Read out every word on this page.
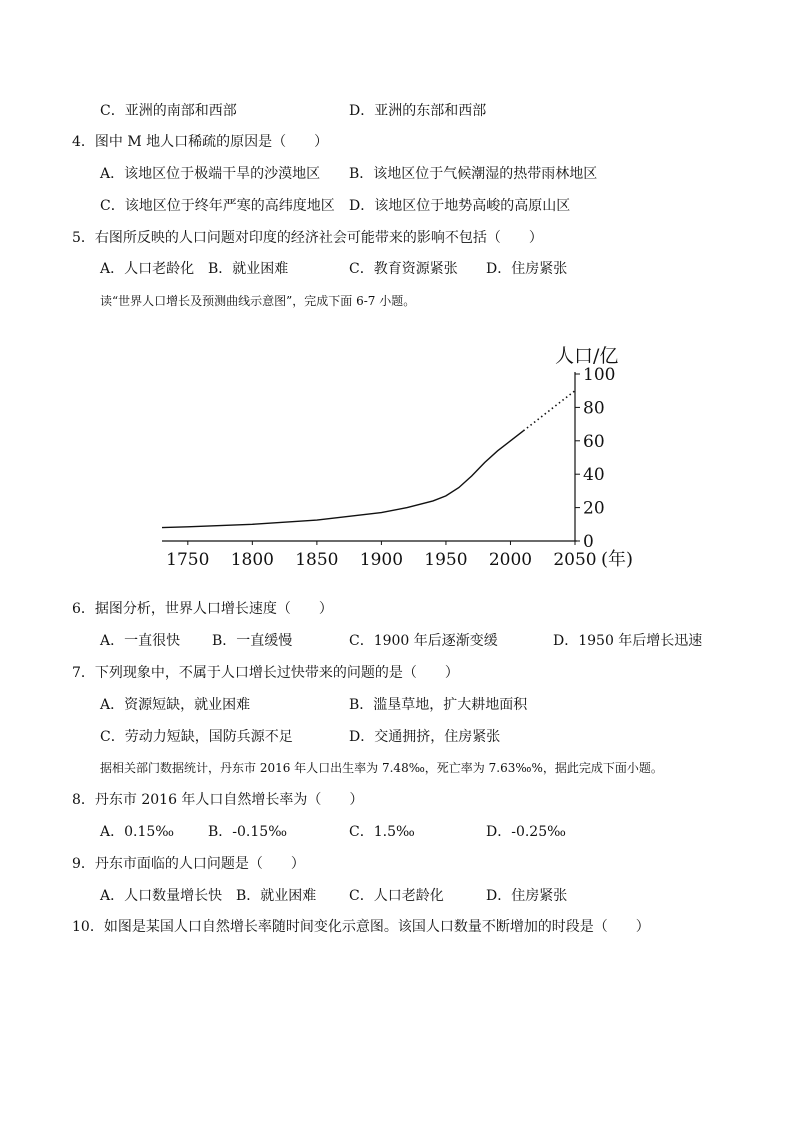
C．亚洲的南部和西部	D．亚洲的东部和西部
4．图中 M 地人口稀疏的原因是（　　）
A．该地区位于极端干旱的沙漠地区 B．该地区位于气候潮湿的热带雨林地区
C．该地区位于终年严寒的高纬度地区 D．该地区位于地势高峻的高原山区
5．右图所反映的人口问题对印度的经济社会可能带来的影响不包括（　　）
A．人口老龄化 B．就业困难	C．教育资源紧张 D．住房紧张
读“世界人口增长及预测曲线示意图”，完成下面 6-7 小题。
0
20
40
60
80
100
1750 1800 1850 1900 1950 2000 2050
人口/亿
(年)
6．据图分析，世界人口增长速度（　　）
A．一直很快 B．一直缓慢	C．1900 年后逐渐变缓	D．1950 年后增长迅速
7．下列现象中，不属于人口增长过快带来的问题的是（　　）
A．资源短缺，就业困难	B．滥垦草地，扩大耕地面积
C．劳动力短缺，国防兵源不足	D．交通拥挤，住房紧张
据相关部门数据统计，丹东市 2016 年人口出生率为 7.48‰，死亡率为 7.63‰%，据此完成下面小题。
8．丹东市 2016 年人口自然增长率为（　　）
A．0.15‰ B．-0.15‰	C．1.5‰	D．-0.25‰
9．丹东市面临的人口问题是（　　）
A．人口数量增长快 B．就业困难 C．人口老龄化	D．住房紧张
10．如图是某国人口自然增长率随时间变化示意图。该国人口数量不断增加的时段是（　　）
